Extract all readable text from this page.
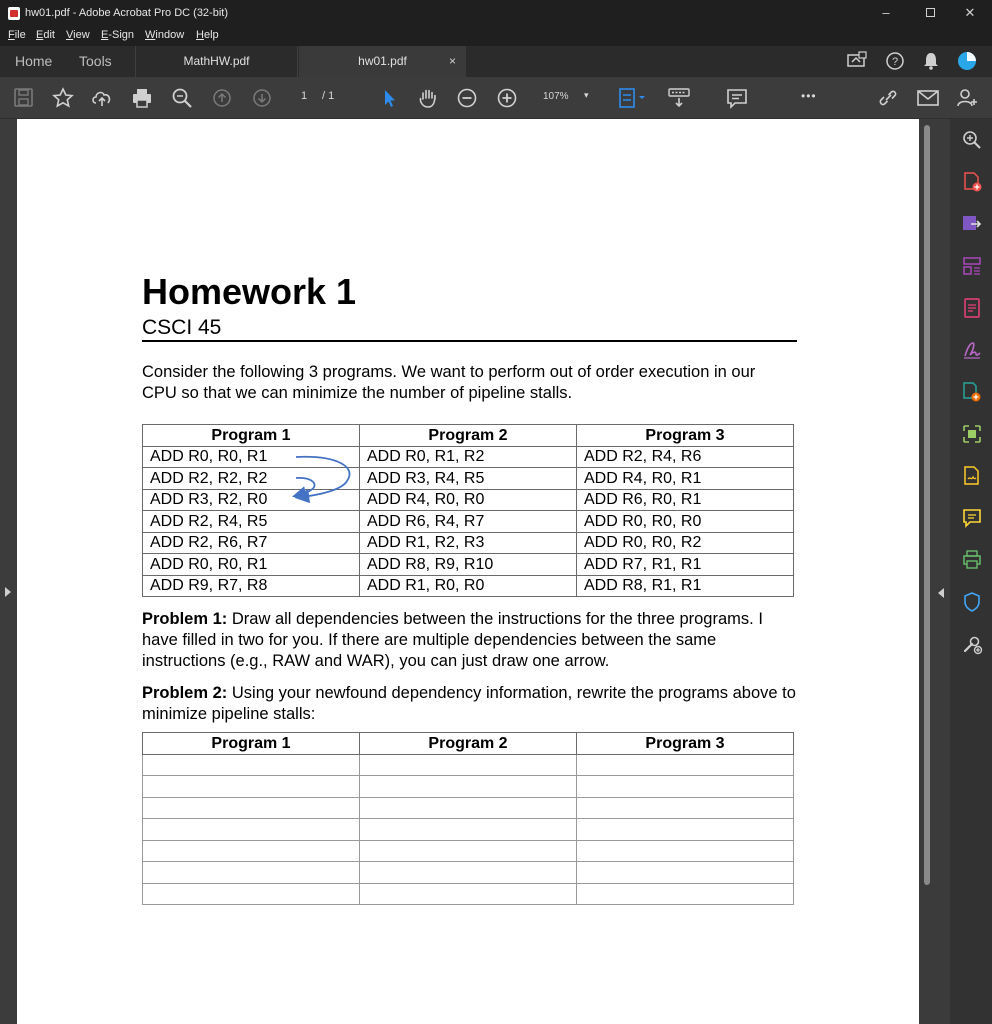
hw01.pdf - Adobe Acrobat Pro DC (32-bit)	–	✕
File Edit View E-Sign Window Help
Home Tools	MathHW.pdf	hw01.pdf	×	?
1 / 1	107% ▾	•••
Homework 1
CSCI 45
Consider the following 3 programs. We want to perform out of order execution in our CPU so that we can minimize the number of pipeline stalls.
Program 1	Program 2	Program 3
ADD R0, R0, R1	ADD R0, R1, R2	ADD R2, R4, R6
ADD R2, R2, R2	ADD R3, R4, R5	ADD R4, R0, R1
ADD R3, R2, R0	ADD R4, R0, R0	ADD R6, R0, R1
ADD R2, R4, R5	ADD R6, R4, R7	ADD R0, R0, R0
ADD R2, R6, R7	ADD R1, R2, R3	ADD R0, R0, R2
ADD R0, R0, R1	ADD R8, R9, R10	ADD R7, R1, R1
ADD R9, R7, R8	ADD R1, R0, R0	ADD R8, R1, R1
Problem 1: Draw all dependencies between the instructions for the three programs. I have filled in two for you. If there are multiple dependencies between the same instructions (e.g., RAW and WAR), you can just draw one arrow.
Problem 2: Using your newfound dependency information, rewrite the programs above to minimize pipeline stalls:
Program 1	Program 2	Program 3
